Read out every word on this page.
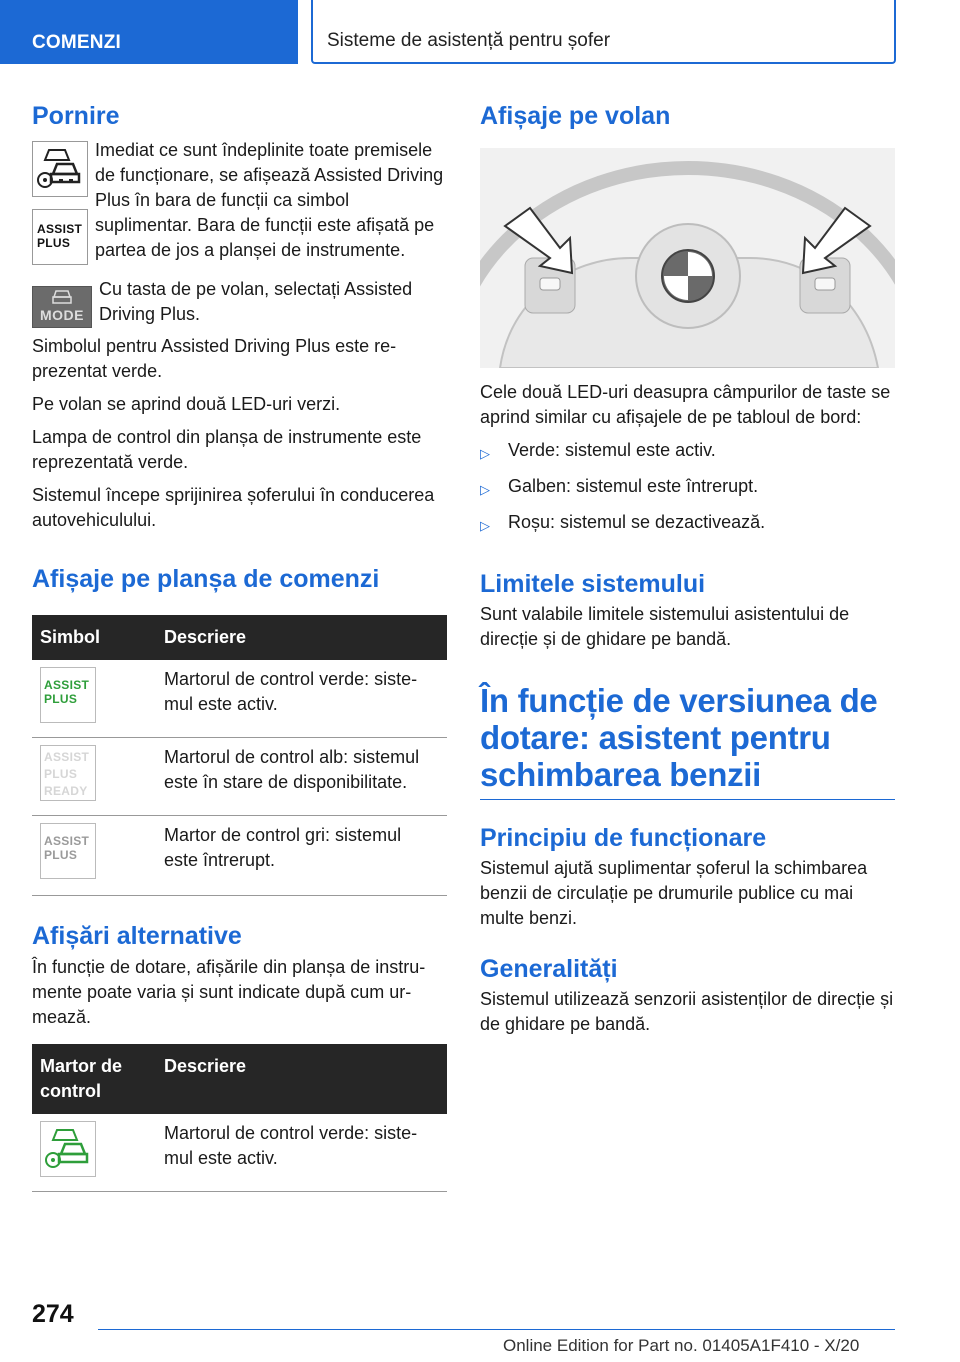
COMENZI	Sisteme de asistență pentru șofer
Pornire
ASSIST
PLUS

Imediat ce sunt îndeplinite toate premisele de funcționare, se afișează Assisted Driving Plus în bara de funcții ca simbol suplimentar. Bara de funcții este afișată pe partea de jos a planșei de instrumente.

MODE

Cu tasta de pe volan, selectați Assisted Driving Plus.

Simbolul pentru Assisted Driving Plus este reprezentat verde.

Pe volan se aprind două LED-uri verzi.

Lampa de control din planșa de instrumente este reprezentată verde.

Sistemul începe sprijinirea șoferului în conducerea autovehiculului.

Afișaje pe planșa de comenzi
Simbol	Descriere

ASSIST
PLUS	Martorul de control verde: sistemul este activ.

ASSIST
PLUS
READY	Martorul de control alb: sistemul este în stare de disponibilitate.

ASSIST
PLUS	Martor de control gri: sistemul este întrerupt.
Afișări alternative

În funcție de dotare, afișările din planșa de instrumente poate varia și sunt indicate după cum urmează.

Martor de control	Descriere

	Martorul de control verde: sistemul este activ.
Afișaje pe volan

Cele două LED-uri deasupra câmpurilor de taste se aprind similar cu afișajele de pe tabloul de bord:

▷	Verde: sistemul este activ.
▷	Galben: sistemul este întrerupt.
▷	Roșu: sistemul se dezactivează.
Limitele sistemului

Sunt valabile limitele sistemului asistentului de direcție și de ghidare pe bandă.

În funcție de versiunea de dotare: asistent pentru schimbarea benzii
Principiu de funcționare

Sistemul ajută suplimentar șoferul la schimbarea benzii de circulație pe drumurile publice cu mai multe benzi.

Generalități

Sistemul utilizează senzorii asistenților de direcție și de ghidare pe bandă.

274
Online Edition for Part no. 01405A1F410 - X/20
